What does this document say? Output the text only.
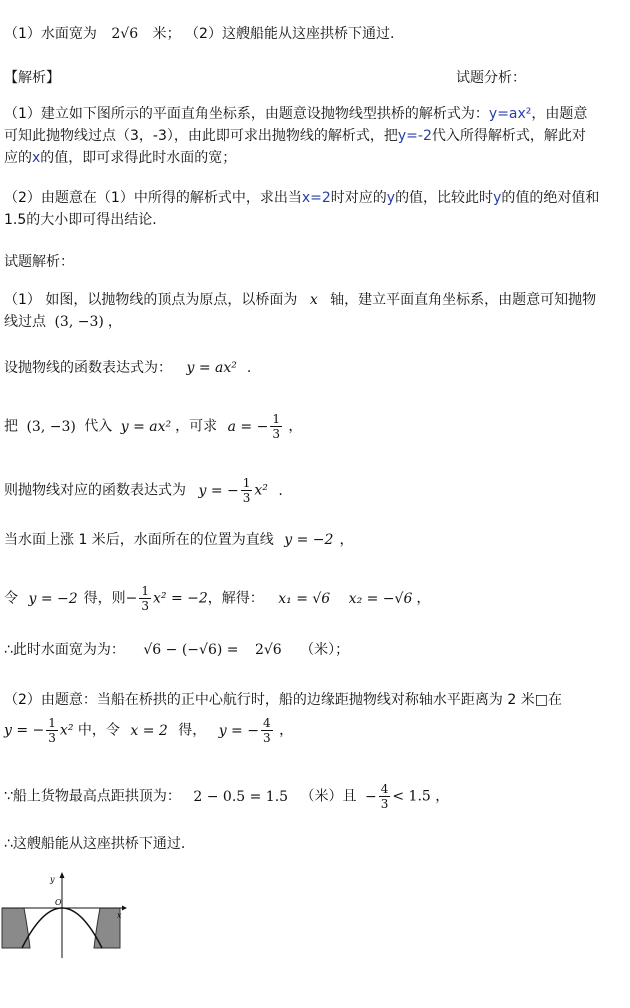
（1）水面宽为 2√6 米； （2）这艘船能从这座拱桥下通过.
【解析】	试题分析：
（1）建立如下图所示的平面直角坐标系，由题意设抛物线型拱桥的解析式为：y=ax²，由题意
可知此抛物线过点（3，-3），由此即可求出抛物线的解析式，把y=-2代入所得解析式，解此对
应的x的值，即可求得此时水面的宽；
（2）由题意在（1）中所得的解析式中，求出当x=2时对应的y的值，比较此时y的值的绝对值和
1.5的大小即可得出结论.
试题解析：
（1） 如图，以抛物线的顶点为原点，以桥面为 x 轴，建立平面直角坐标系，由题意可知抛物
线过点 (3, −3) ，
设抛物线的函数表达式为： y = ax² .
把 (3, −3) 代入 y = ax² ，可求 a = − $\frac{1}{3}$ ，
则抛物线对应的函数表达式为 y = − $\frac{1}{3} x^2$ .
当水面上涨 1 米后，水面所在的位置为直线 y = −2 ，
令 y = −2 得，则− $\frac{1}{3} x^2 = -2$，解得： x₁ = √6 x₂ = −√6 ，
∴此时水面宽为为： √6 − (−√6) = 2√6 （米）；
（2）由题意：当船在桥拱的正中心航行时，船的边缘距抛物线对称轴水平距离为 2 米□在
y = − $\frac{1}{3} x^2$ 中，令 x = 2 得， y = − $\frac{4}{3}$ ，
∵船上货物最高点距拱顶为： 2 − 0.5 = 1.5 （米）且 − $\frac{4}{3} < 1.5$ ，
∴这艘船能从这座拱桥下通过.
x
y
O
